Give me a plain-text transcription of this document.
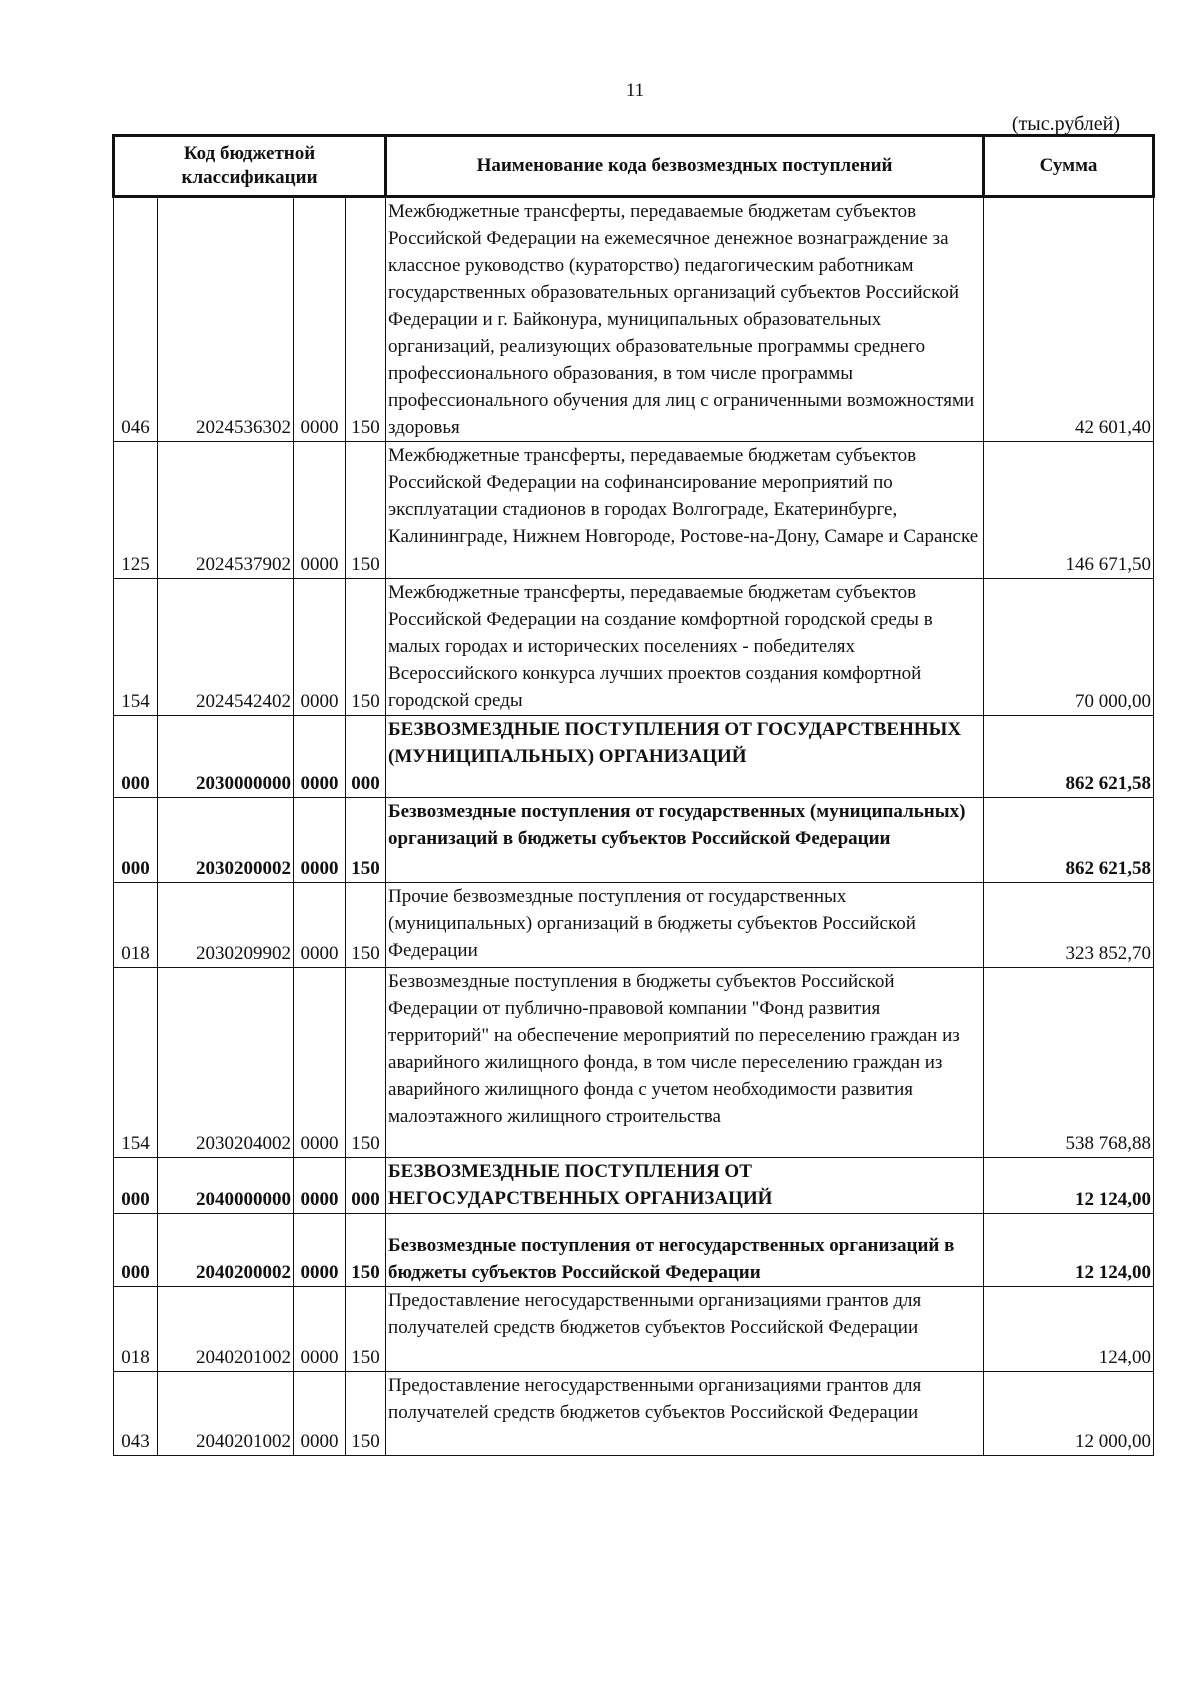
11
(тыс.рублей)
Код бюджетной классификации				Наименование кода безвозмездных поступлений	Сумма
046	2024536302	0000	150	Межбюджетные трансферты, передаваемые бюджетам субъектов Российской Федерации на ежемесячное денежное вознаграждение за классное руководство (кураторство) педагогическим работникам государственных образовательных организаций субъектов Российской Федерации и г. Байконура, муниципальных образовательных организаций, реализующих образовательные программы среднего профессионального образования, в том числе программы профессионального обучения для лиц с ограниченными возможностями здоровья	42 601,40
125	2024537902	0000	150	Межбюджетные трансферты, передаваемые бюджетам субъектов Российской Федерации на софинансирование мероприятий по эксплуатации стадионов в городах Волгограде, Екатеринбурге, Калининграде, Нижнем Новгороде, Ростове-на-Дону, Самаре и Саранске	146 671,50
154	2024542402	0000	150	Межбюджетные трансферты, передаваемые бюджетам субъектов Российской Федерации на создание комфортной городской среды в малых городах и исторических поселениях - победителях Всероссийского конкурса лучших проектов создания комфортной городской среды	70 000,00
000	2030000000	0000	000	БЕЗВОЗМЕЗДНЫЕ ПОСТУПЛЕНИЯ ОТ ГОСУДАРСТВЕННЫХ (МУНИЦИПАЛЬНЫХ) ОРГАНИЗАЦИЙ	862 621,58
000	2030200002	0000	150	Безвозмездные поступления от государственных (муниципальных) организаций в бюджеты субъектов Российской Федерации	862 621,58
018	2030209902	0000	150	Прочие безвозмездные поступления от государственных (муниципальных) организаций в бюджеты субъектов Российской Федерации	323 852,70
154	2030204002	0000	150	Безвозмездные поступления в бюджеты субъектов Российской Федерации от публично-правовой компании "Фонд развития территорий" на обеспечение мероприятий по переселению граждан из аварийного жилищного фонда, в том числе переселению граждан из аварийного жилищного фонда с учетом необходимости развития малоэтажного жилищного строительства	538 768,88
000	2040000000	0000	000	БЕЗВОЗМЕЗДНЫЕ ПОСТУПЛЕНИЯ ОТ НЕГОСУДАРСТВЕННЫХ ОРГАНИЗАЦИЙ	12 124,00
000	2040200002	0000	150	Безвозмездные поступления от негосударственных организаций в бюджеты субъектов Российской Федерации	12 124,00
018	2040201002	0000	150	Предоставление негосударственными организациями грантов для получателей средств бюджетов субъектов Российской Федерации	124,00
043	2040201002	0000	150	Предоставление негосударственными организациями грантов для получателей средств бюджетов субъектов Российской Федерации	12 000,00
